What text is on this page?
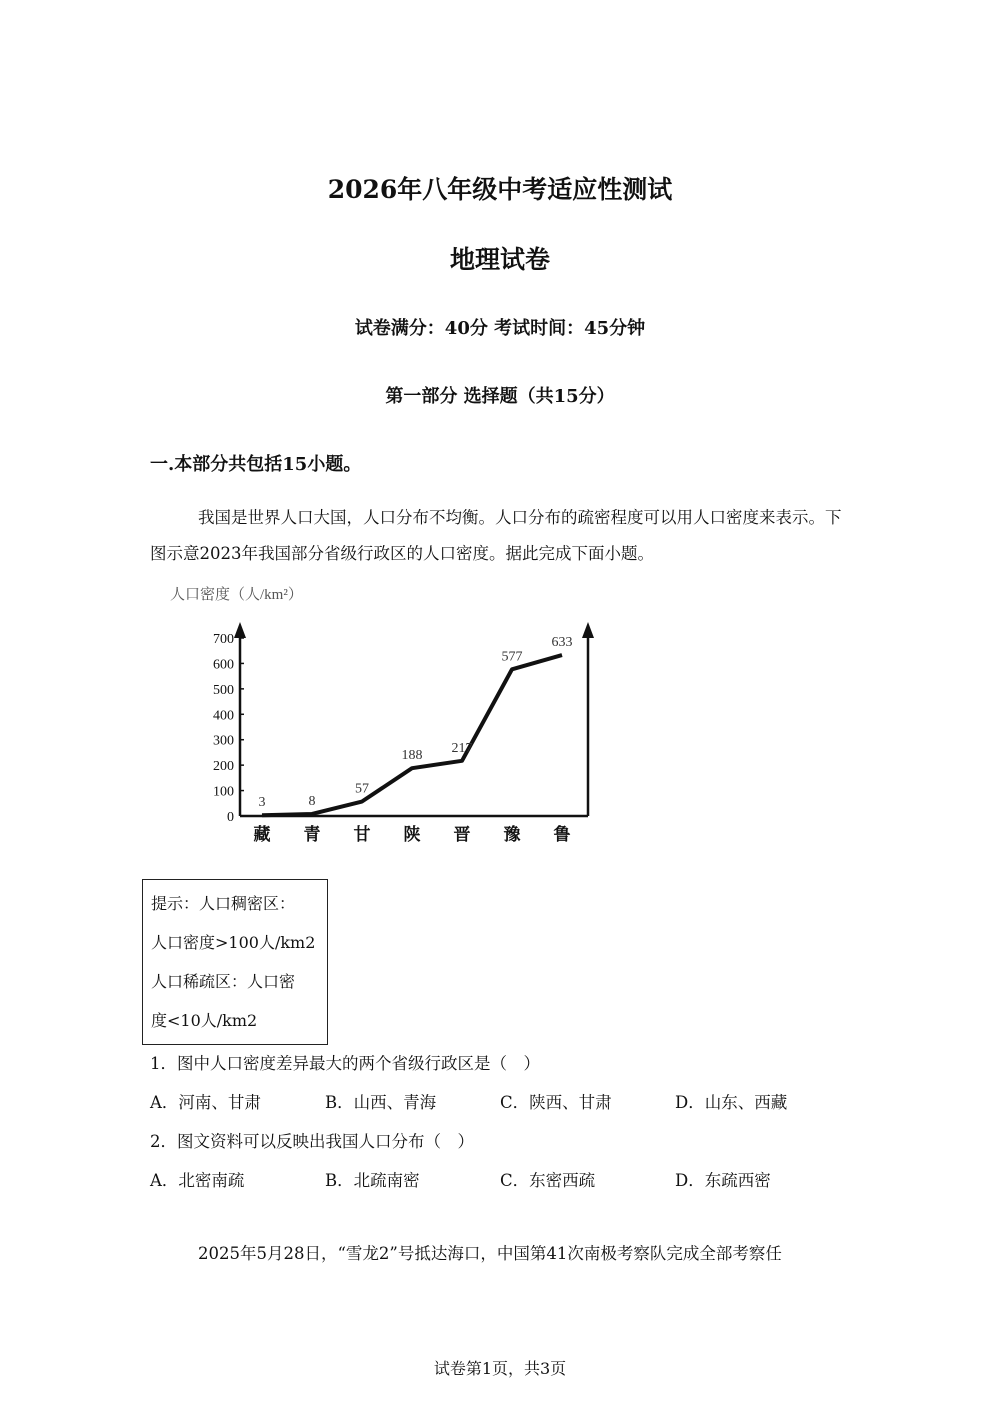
2026年八年级中考适应性测试
地理试卷
试卷满分：40分 考试时间：45分钟
第一部分 选择题（共15分）
一.本部分共包括15小题。
我国是世界人口大国，人口分布不均衡。人口分布的疏密程度可以用人口密度来表示。下图示意2023年我国部分省级行政区的人口密度。据此完成下面小题。
人口密度（人/km²）
0
100
200
300
400
500
600
700
藏 青 甘 陕 晋 豫 鲁
3	8
57
188 217
577
633
提示：人口稠密区：
人口密度>100人/km2
人口稀疏区：人口密
度<10人/km2
1．图中人口密度差异最大的两个省级行政区是（　）
A．河南、甘肃	B．山西、青海	C．陕西、甘肃	D．山东、西藏
2．图文资料可以反映出我国人口分布（　）
A．北密南疏	B．北疏南密	C．东密西疏	D．东疏西密
2025年5月28日，“雪龙2”号抵达海口，中国第41次南极考察队完成全部考察任
试卷第1页，共3页
